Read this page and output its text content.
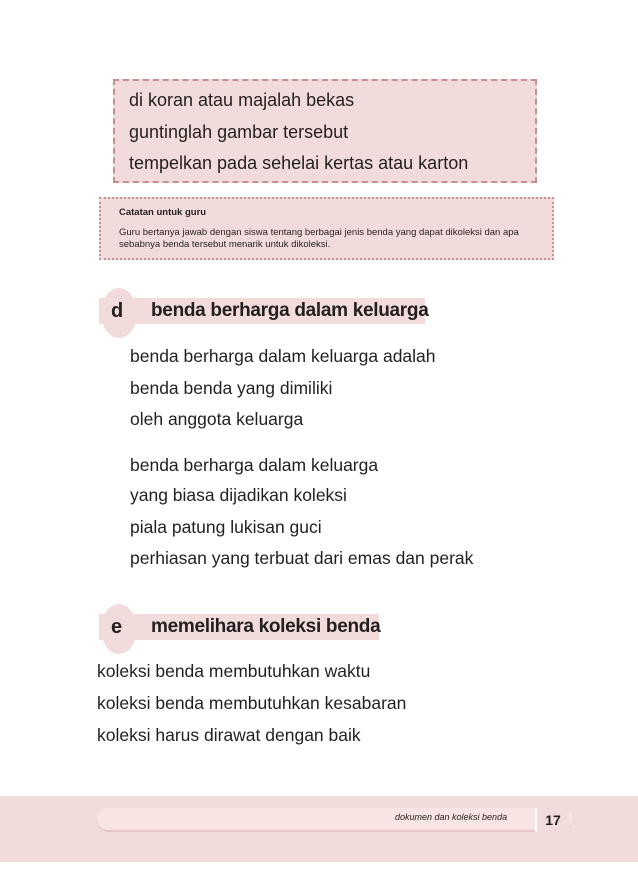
di koran atau majalah bekas
guntinglah gambar tersebut
tempelkan pada sehelai kertas atau karton
Catatan untuk guru
Guru bertanya jawab dengan siswa tentang berbagai jenis benda yang dapat dikoleksi dan apa sebabnya benda tersebut menarik untuk dikoleksi.
d benda berharga dalam keluarga
benda berharga dalam keluarga adalah
benda benda yang dimiliki
oleh anggota keluarga
benda berharga dalam keluarga
yang biasa dijadikan koleksi
piala patung lukisan guci
perhiasan yang terbuat dari emas dan perak
e memelihara koleksi benda
koleksi benda membutuhkan waktu
koleksi benda membutuhkan kesabaran
koleksi harus dirawat dengan baik
dokumen dan koleksi benda	17
